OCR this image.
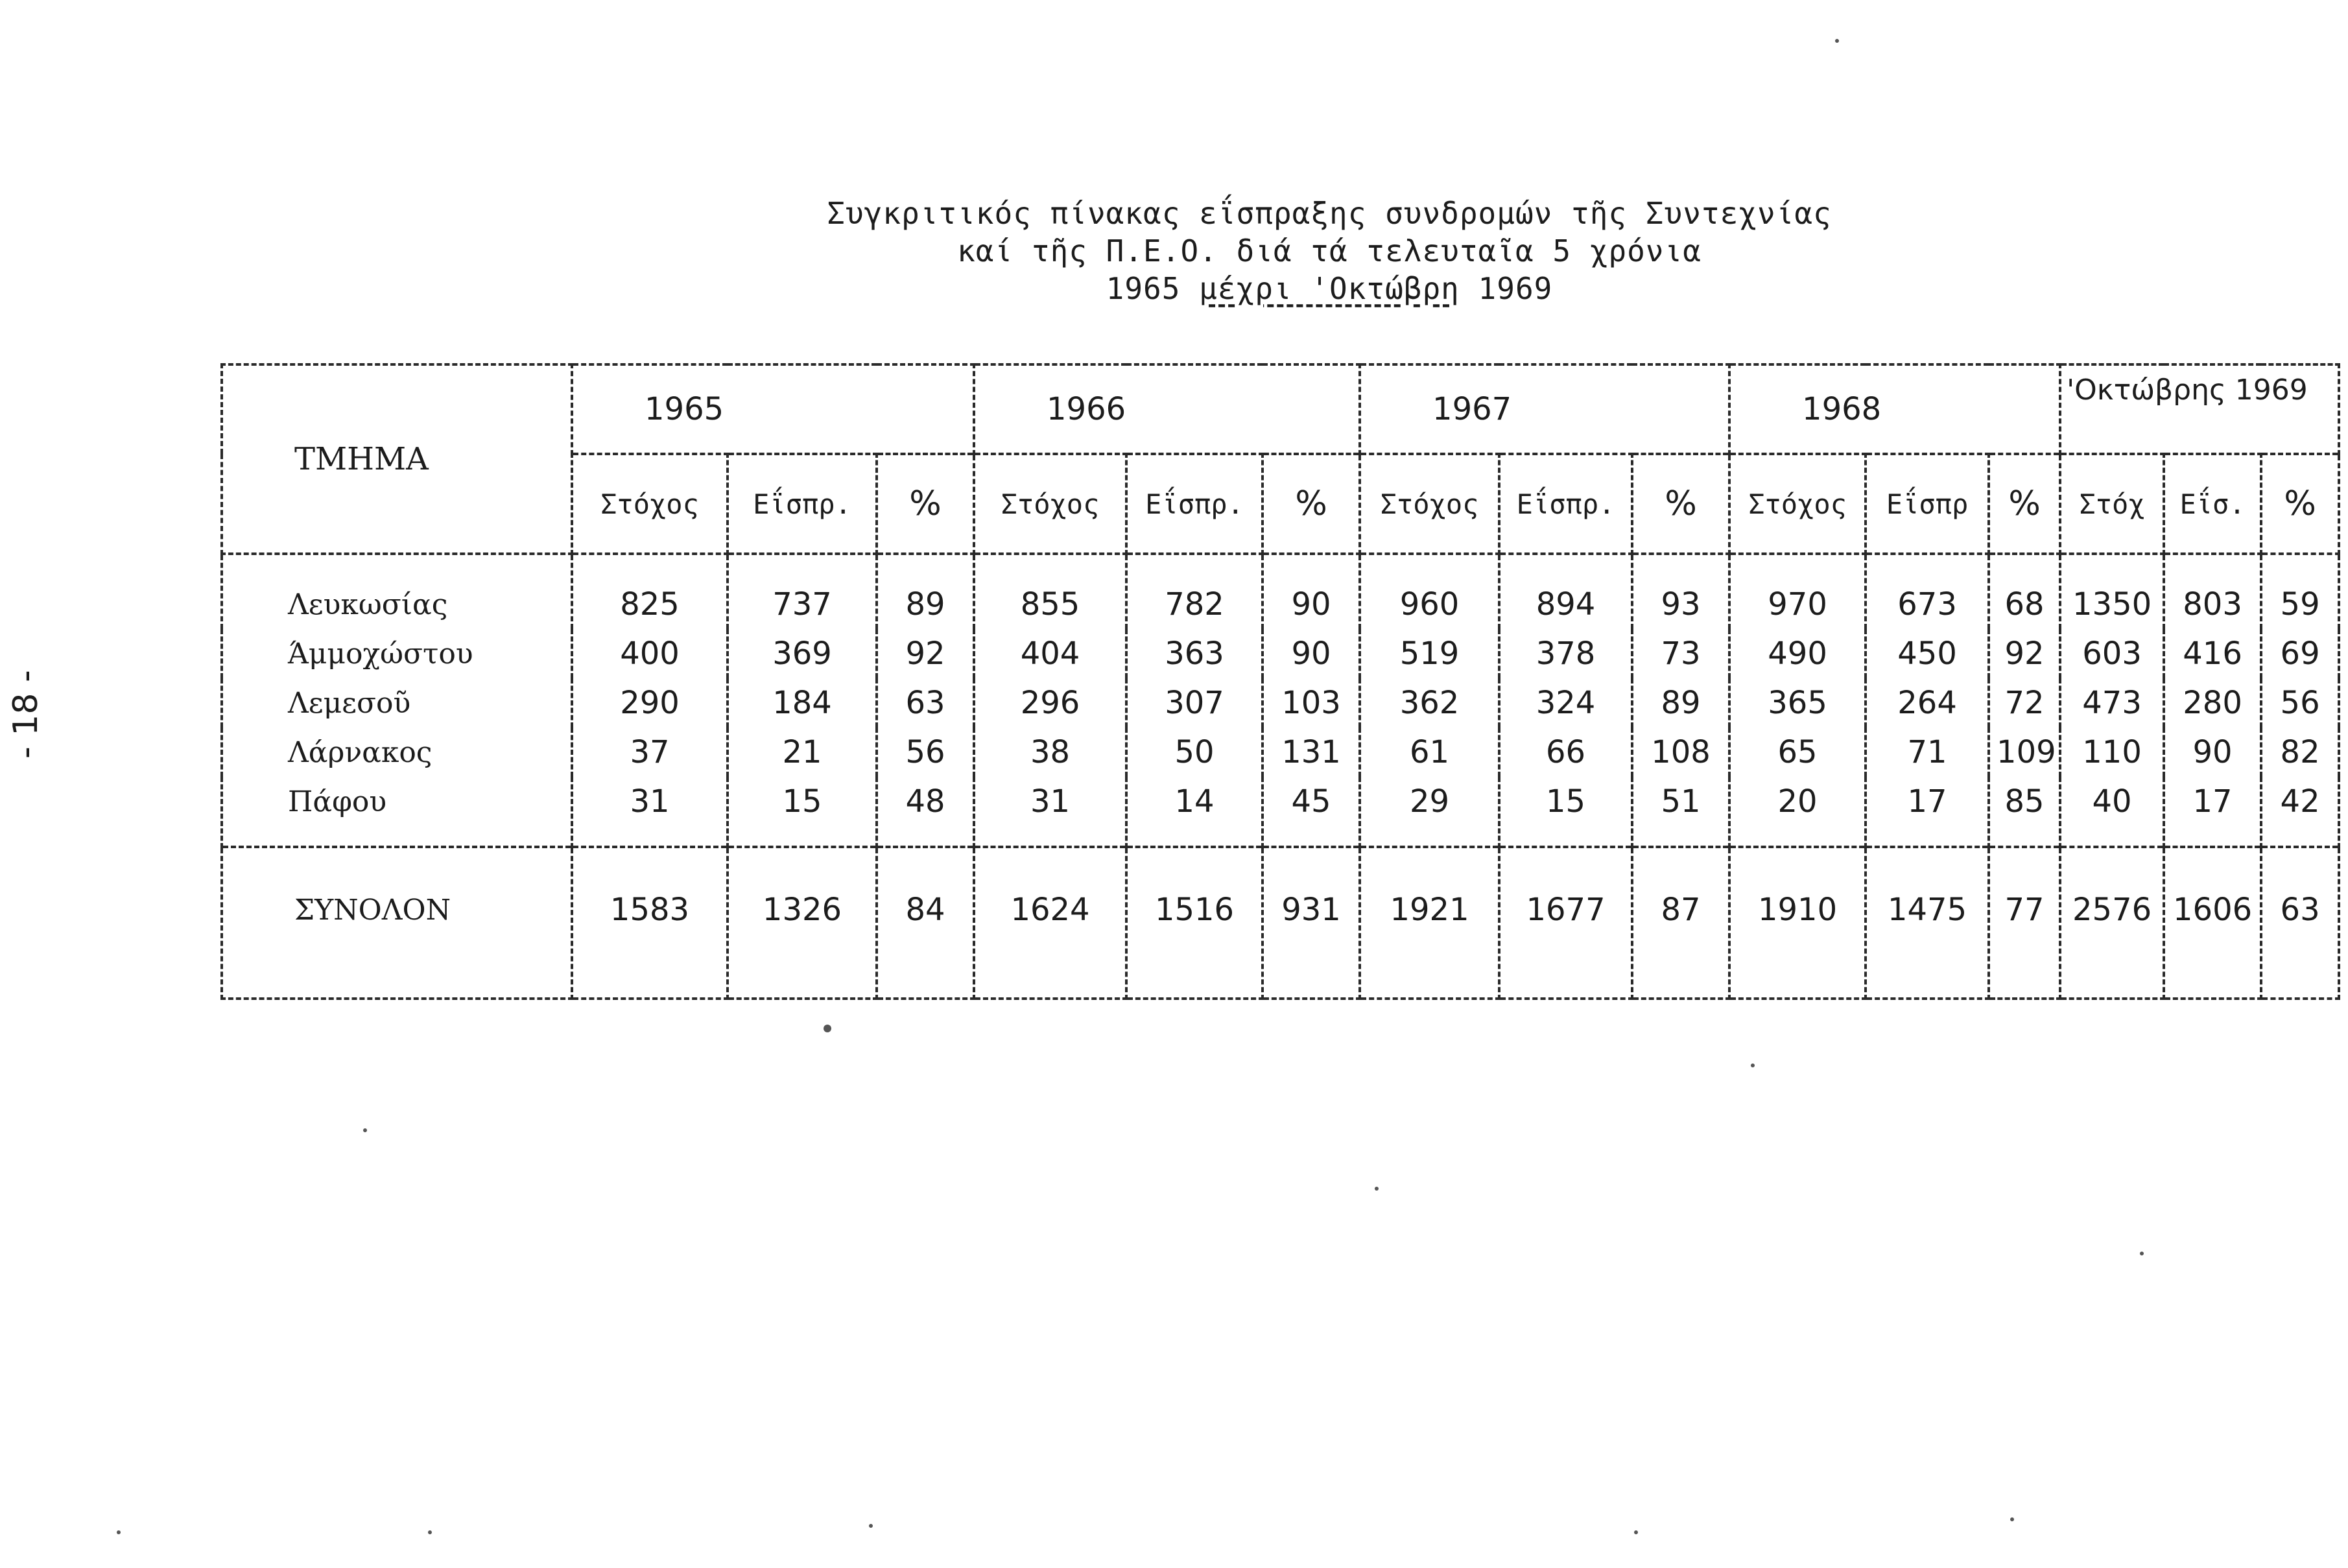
- 18 -
Συγκριτικός πίνακας εΐσπραξης συνδρομών τῆς Συντεχνίας
καί τῆς Π.Ε.Ο. διά τά τελευταῖα 5 χρόνια
1965 μέχρι 'Οκτώβρη 1969
ΤΜΗΜΑ	1965			1966			1967			1968			'Οκτώβρης 1969		
	Στόχος	Εΐσπρ.	%	Στόχος	Εΐσπρ.	%	Στόχος	Εΐσπρ.	%	Στόχος	Εΐσπρ	%	Στόχ	Εΐσ.	%
Λευκωσίας	825	737	89	855	782	90	960	894	93	970	673	68	1350	803	59
Άμμοχώστου	400	369	92	404	363	90	519	378	73	490	450	92	603	416	69
Λεμεσοῦ	290	184	63	296	307	103	362	324	89	365	264	72	473	280	56
Λάρνακος	37	21	56	38	50	131	61	66	108	65	71	109	110	90	82
Πάφου	31	15	48	31	14	45	29	15	51	20	17	85	40	17	42
ΣΥΝΟΛΟΝ	1583	1326	84	1624	1516	931	1921	1677	87	1910	1475	77	2576	1606	63
